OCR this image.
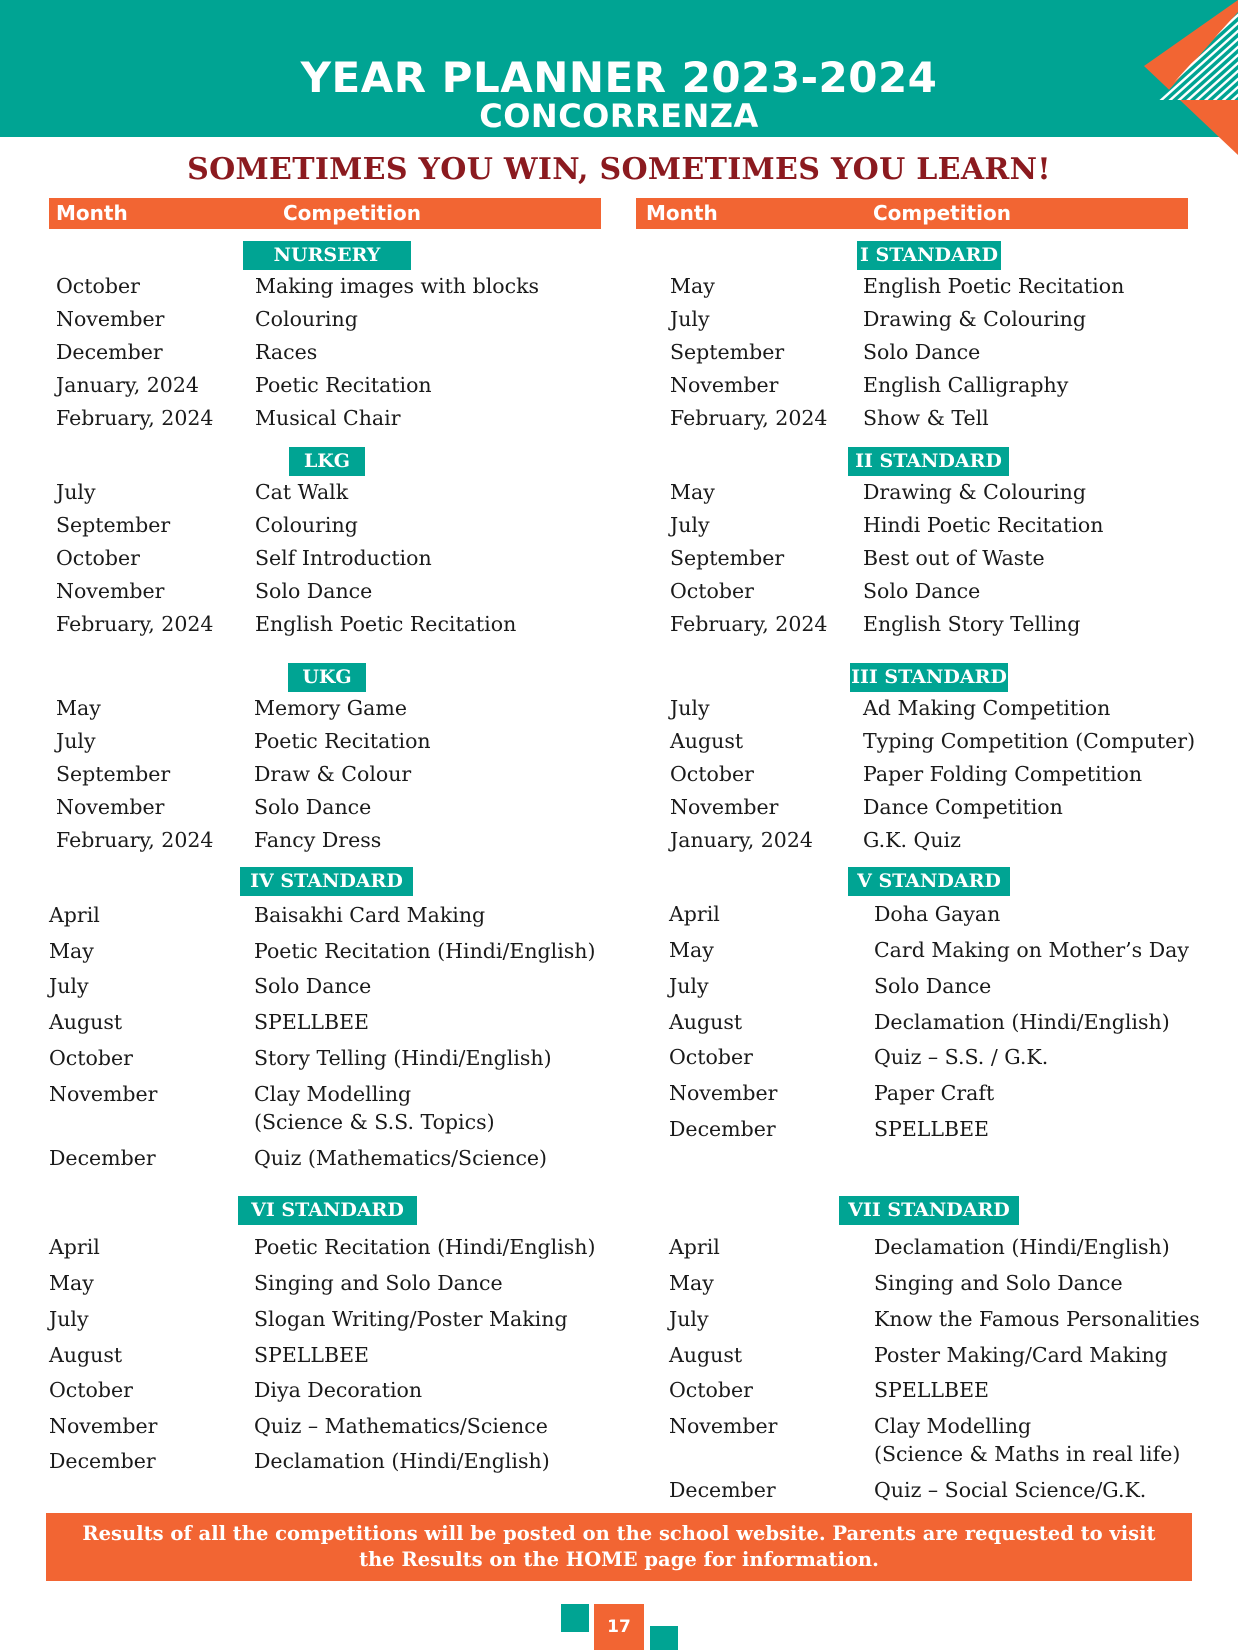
YEAR PLANNER 2023-2024
CONCORRENZA
SOMETIMES YOU WIN, SOMETIMES YOU LEARN!
Month	Competition	Month	Competition
NURSERY
October	Making images with blocks
November	Colouring
December	Races
January, 2024	Poetic Recitation
February, 2024 Musical Chair
LKG
July	Cat Walk
September	Colouring
October	Self Introduction
November	Solo Dance
February, 2024 English Poetic Recitation
UKG
May	Memory Game
July	Poetic Recitation
September	Draw & Colour
November	Solo Dance
February, 2024 Fancy Dress
IV STANDARD
April	Baisakhi Card Making
May	Poetic Recitation (Hindi/English)
July	Solo Dance
August	SPELLBEE
October	Story Telling (Hindi/English)
November	Clay Modelling
(Science & S.S. Topics)
December	Quiz (Mathematics/Science)
VI STANDARD
April	Poetic Recitation (Hindi/English)
May	Singing and Solo Dance
July	Slogan Writing/Poster Making
August	SPELLBEE
October	Diya Decoration
November	Quiz – Mathematics/Science
December	Declamation (Hindi/English)
I STANDARD
May	English Poetic Recitation
July	Drawing & Colouring
September	Solo Dance
November	English Calligraphy
February, 2024 Show & Tell
II STANDARD
May	Drawing & Colouring
July	Hindi Poetic Recitation
September	Best out of Waste
October	Solo Dance
February, 2024 English Story Telling
III STANDARD
July	Ad Making Competition
August	Typing Competition (Computer)
October	Paper Folding Competition
November	Dance Competition
January, 2024 G.K. Quiz
V STANDARD
April	Doha Gayan
May	Card Making on Mother’s Day
July	Solo Dance
August	Declamation (Hindi/English)
October	Quiz – S.S. / G.K.
November	Paper Craft
December	SPELLBEE
VII STANDARD
April	Declamation (Hindi/English)
May	Singing and Solo Dance
July	Know the Famous Personalities
August	Poster Making/Card Making
October	SPELLBEE
November	Clay Modelling
(Science & Maths in real life)
December	Quiz – Social Science/G.K.
Results of all the competitions will be posted on the school website. Parents are requested to visit
the Results on the HOME page for information.
17
